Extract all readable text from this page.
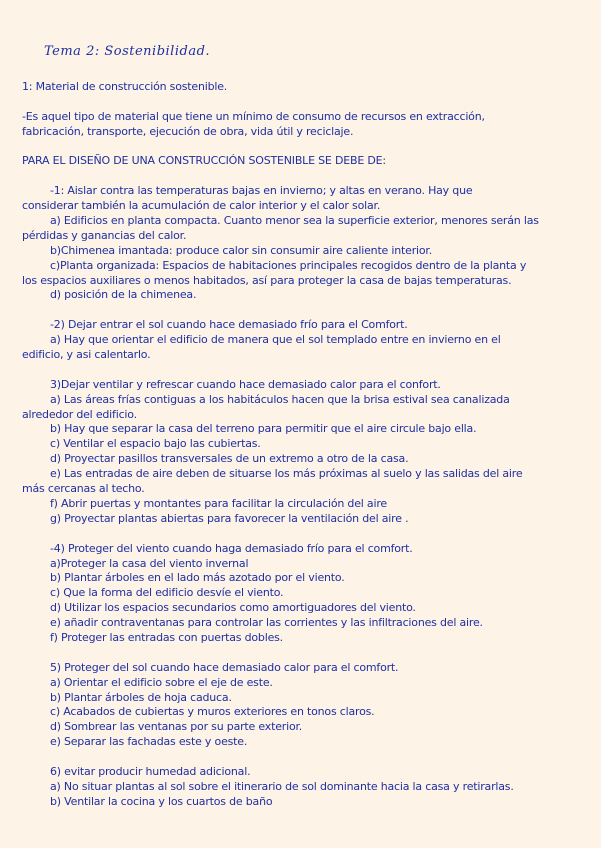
Tema 2: Sostenibilidad.
1: Material de construcción sostenible.
-Es aquel tipo de material que tiene un mínimo de consumo de recursos en extracción,
fabricación, transporte, ejecución de obra, vida útil y reciclaje.
PARA EL DISEÑO DE UNA CONSTRUCCIÓN SOSTENIBLE SE DEBE DE:
-1: Aislar contra las temperaturas bajas en invierno; y altas en verano. Hay que
considerar también la acumulación de calor interior y el calor solar.
a) Edificios en planta compacta. Cuanto menor sea la superficie exterior, menores serán las
pérdidas y ganancias del calor.
b)Chimenea imantada: produce calor sin consumir aire caliente interior.
c)Planta organizada: Espacios de habitaciones principales recogidos dentro de la planta y
los espacios auxiliares o menos habitados, así para proteger la casa de bajas temperaturas.
d) posición de la chimenea.
-2) Dejar entrar el sol cuando hace demasiado frío para el Comfort.
a) Hay que orientar el edificio de manera que el sol templado entre en invierno en el
edificio, y asi calentarlo.
3)Dejar ventilar y refrescar cuando hace demasiado calor para el confort.
a) Las áreas frías contiguas a los habitáculos hacen que la brisa estival sea canalizada
alrededor del edificio.
b) Hay que separar la casa del terreno para permitir que el aire circule bajo ella.
c) Ventilar el espacio bajo las cubiertas.
d) Proyectar pasillos transversales de un extremo a otro de la casa.
e) Las entradas de aire deben de situarse los más próximas al suelo y las salidas del aire
más cercanas al techo.
f) Abrir puertas y montantes para facilitar la circulación del aire
g) Proyectar plantas abiertas para favorecer la ventilación del aire .
-4) Proteger del viento cuando haga demasiado frío para el comfort.
a)Proteger la casa del viento invernal
b) Plantar árboles en el lado más azotado por el viento.
c) Que la forma del edificio desvíe el viento.
d) Utilizar los espacios secundarios como amortiguadores del viento.
e) añadir contraventanas para controlar las corrientes y las infiltraciones del aire.
f) Proteger las entradas con puertas dobles.
5) Proteger del sol cuando hace demasiado calor para el comfort.
a) Orientar el edificio sobre el eje de este.
b) Plantar árboles de hoja caduca.
c) Acabados de cubiertas y muros exteriores en tonos claros.
d) Sombrear las ventanas por su parte exterior.
e) Separar las fachadas este y oeste.
6) evitar producir humedad adicional.
a) No situar plantas al sol sobre el itinerario de sol dominante hacia la casa y retirarlas.
b) Ventilar la cocina y los cuartos de baño
